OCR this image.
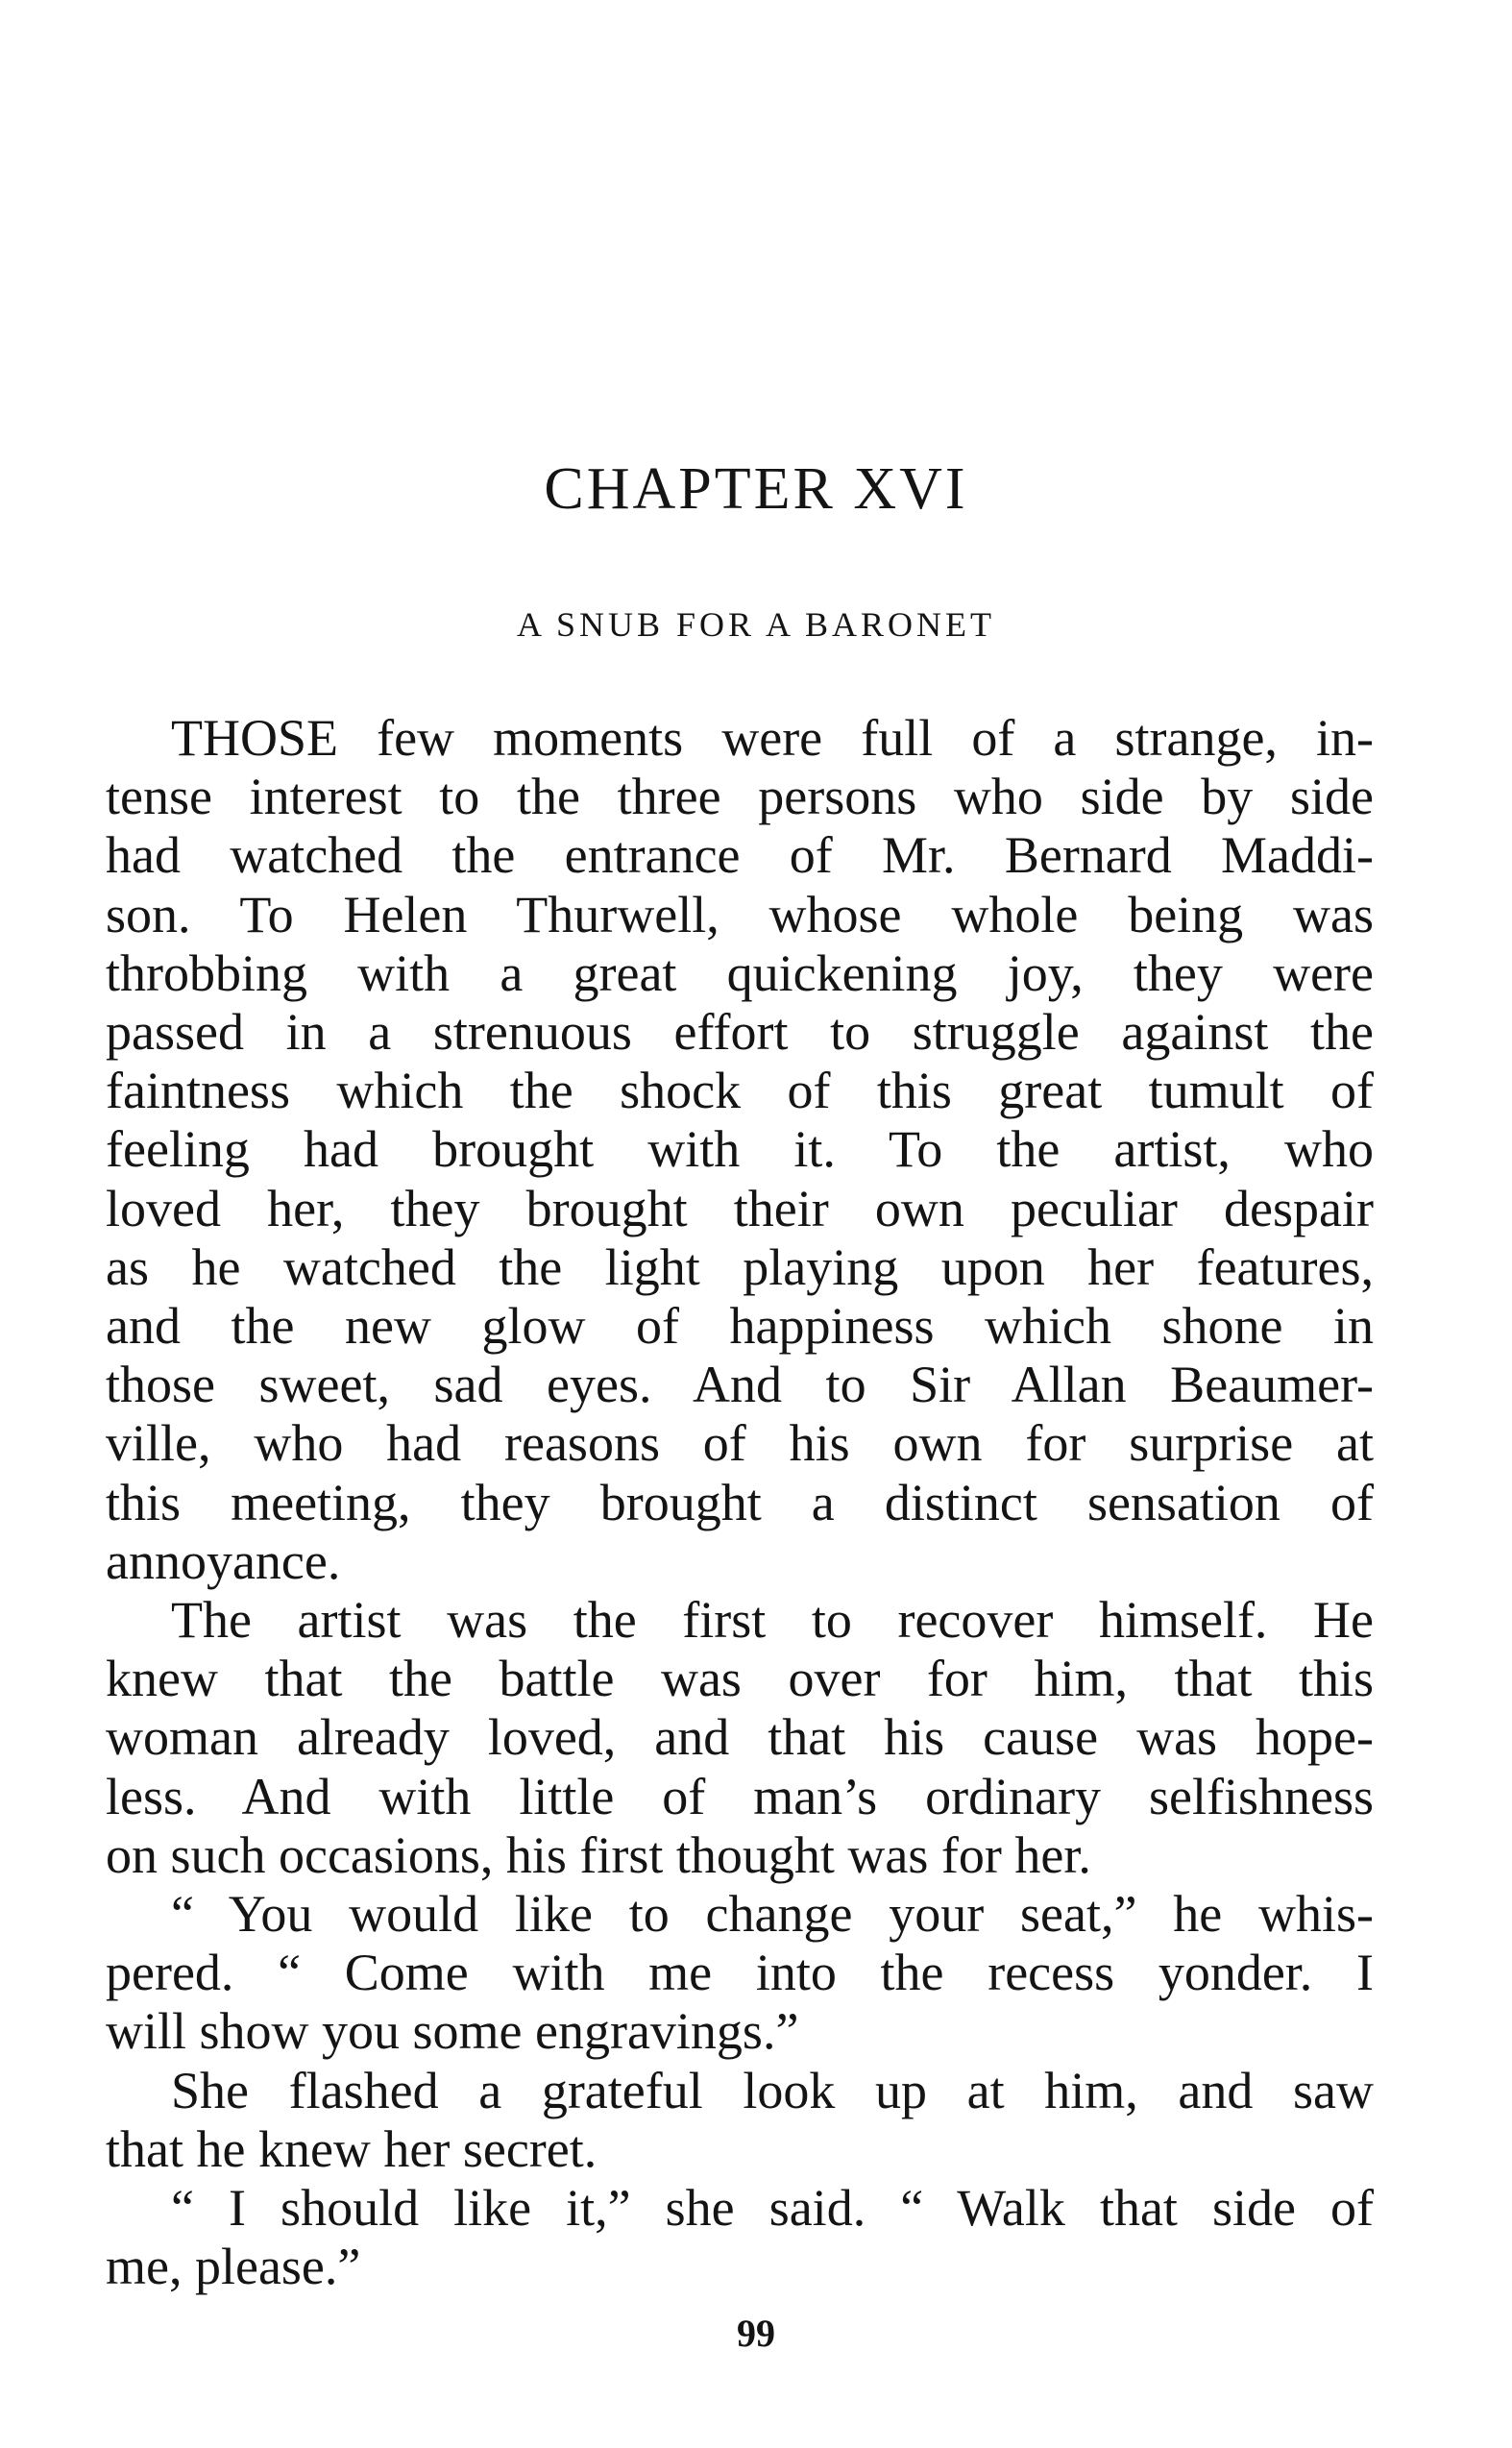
CHAPTER XVI
A SNUB FOR A BARONET
THOSE few moments were full of a strange, in-
tense interest to the three persons who side by side
had watched the entrance of Mr. Bernard Maddi-
son. To Helen Thurwell, whose whole being was
throbbing with a great quickening joy, they were
passed in a strenuous effort to struggle against the
faintness which the shock of this great tumult of
feeling had brought with it. To the artist, who
loved her, they brought their own peculiar despair
as he watched the light playing upon her features,
and the new glow of happiness which shone in
those sweet, sad eyes. And to Sir Allan Beaumer-
ville, who had reasons of his own for surprise at
this meeting, they brought a distinct sensation of
annoyance.
The artist was the first to recover himself. He
knew that the battle was over for him, that this
woman already loved, and that his cause was hope-
less. And with little of man’s ordinary selfishness
on such occasions, his first thought was for her.
“ You would like to change your seat,” he whis-
pered. “ Come with me into the recess yonder. I
will show you some engravings.”
She flashed a grateful look up at him, and saw
that he knew her secret.
“ I should like it,” she said. “ Walk that side of
me, please.”
99
